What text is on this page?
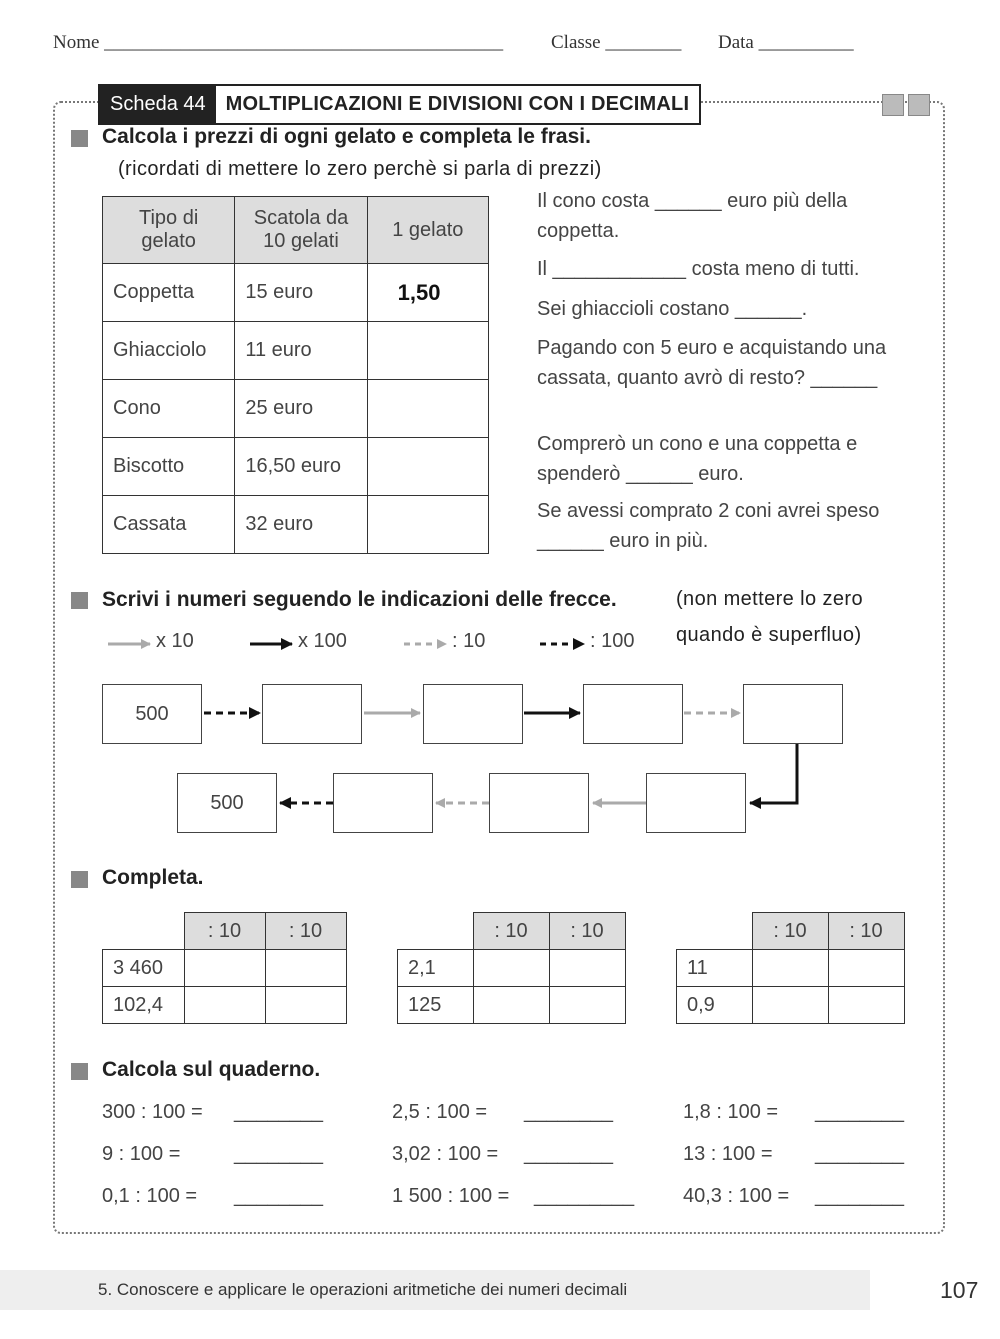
Nome __________________________________________	Classe ________ Data __________
Scheda 44	MOLTIPLICAZIONI E DIVISIONI CON I DECIMALI
Calcola i prezzi di ogni gelato e completa le frasi.
(ricordati di mettere lo zero perchè si parla di prezzi)
Tipo di gelato	Scatola da 10 gelati	1 gelato
Coppetta	15 euro	1,50
Ghiacciolo	11 euro	
Cono	25 euro	
Biscotto	16,50 euro	
Cassata	32 euro	
Il cono costa ______ euro più della coppetta.
Il ____________ costa meno di tutti.
Sei ghiaccioli costano ______.
Pagando con 5 euro e acquistando una cassata, quanto avrò di resto? ______
Comprerò un cono e una coppetta e spenderò ______ euro.
Se avessi comprato 2 coni avrei speso ______ euro in più.
Scrivi i numeri seguendo le indicazioni delle frecce.	(non mettere lo zero
quando è superfluo)
x 10	x 100	: 10	: 100
500
500
Completa.
	: 10	: 10
3 460		
102,4		
	: 10	: 10
2,1		
125		
	: 10	: 10
11		
0,9		
Calcola sul quaderno.
300 : 100 = ________
9 : 100 =	________
0,1 : 100 = ________
2,5 : 100 = ________
3,02 : 100 = ________
1 500 : 100 = _________
1,8 : 100 = ________
13 : 100 = ________
40,3 : 100 = ________
5. Conoscere e applicare le operazioni aritmetiche dei numeri decimali	107
